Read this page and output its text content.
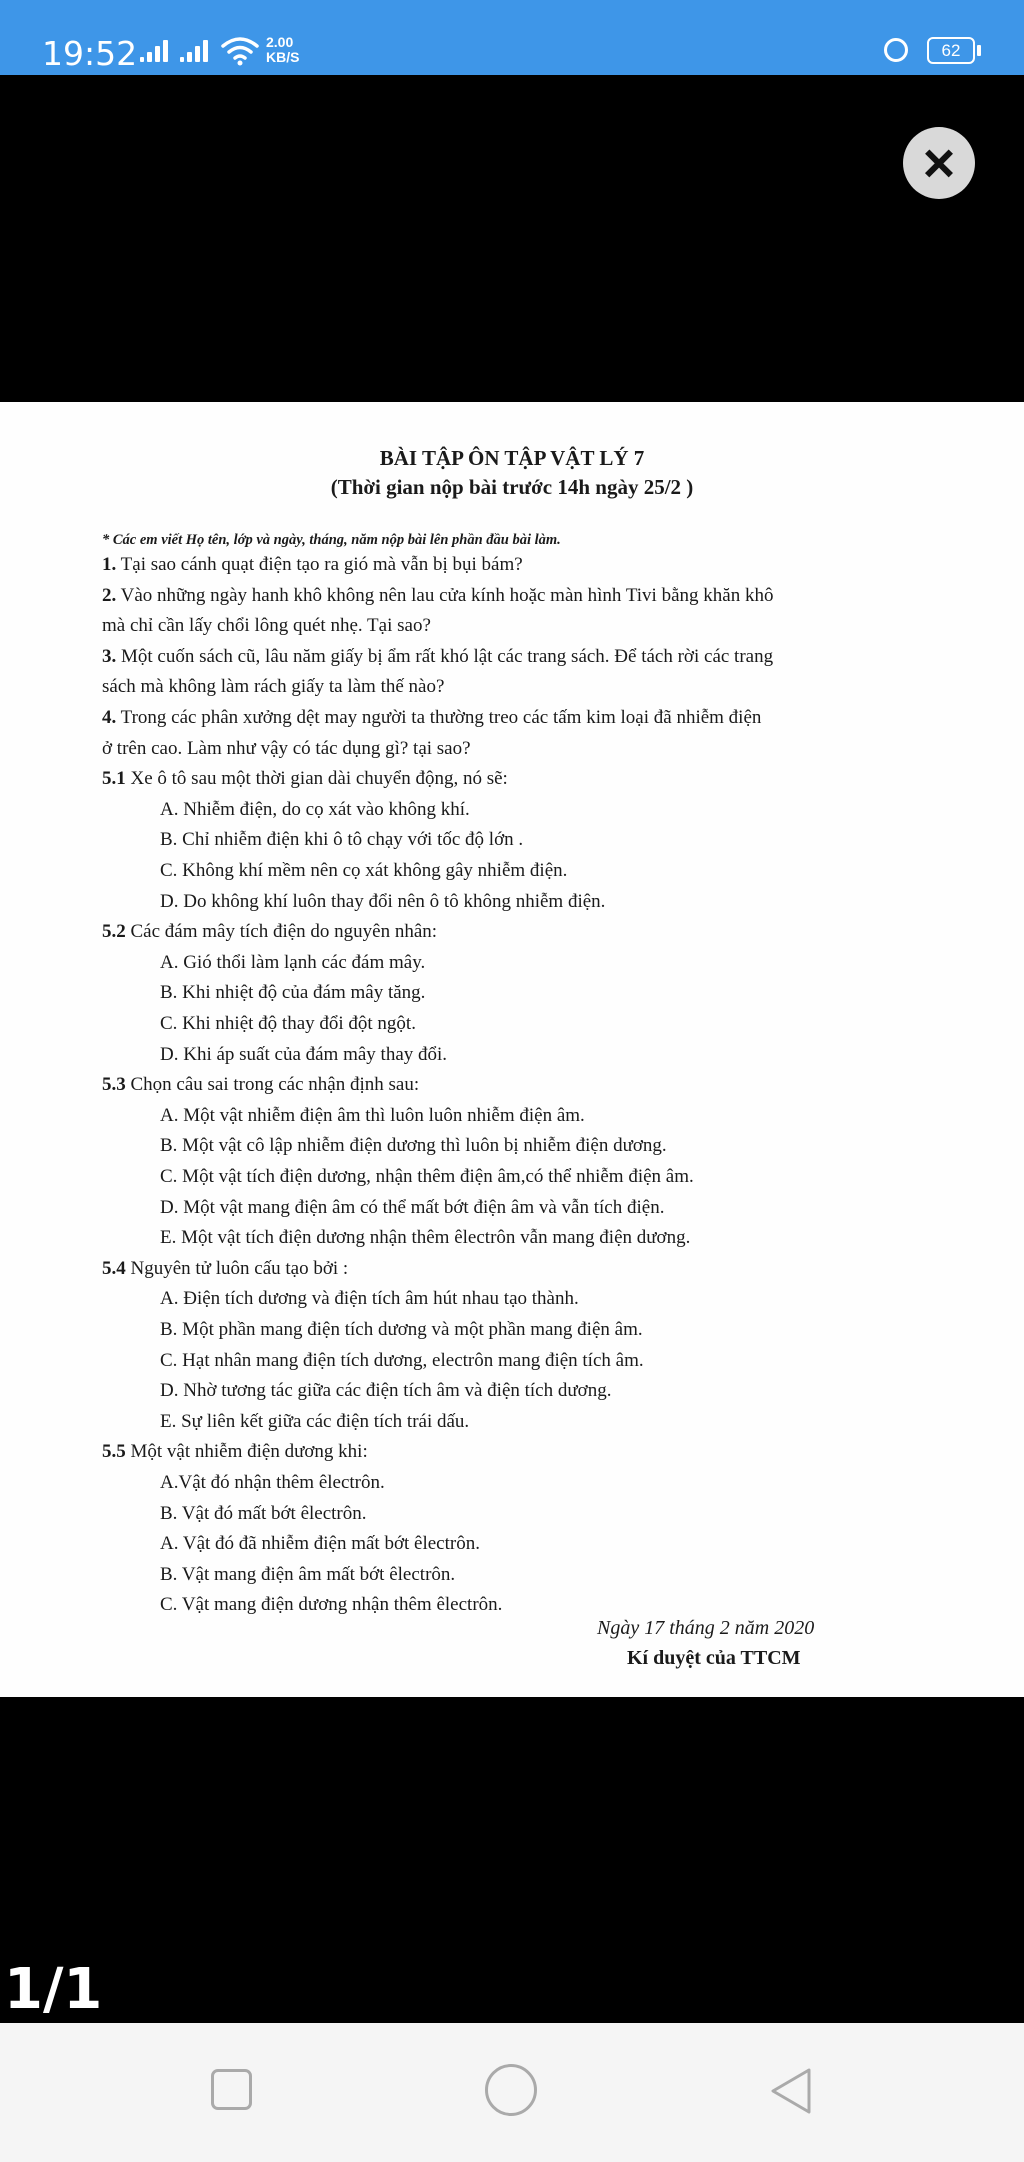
19:52	2.00
KB/S	62
×
BÀI TẬP ÔN TẬP VẬT LÝ 7
(Thời gian nộp bài trước 14h ngày 25/2 )
* Các em viết Họ tên, lớp và ngày, tháng, năm nộp bài lên phần đầu bài làm.
1. Tại sao cánh quạt điện tạo ra gió mà vẫn bị bụi bám?
2. Vào những ngày hanh khô không nên lau cửa kính hoặc màn hình Tivi bằng khăn khô
mà chỉ cần lấy chổi lông quét nhẹ. Tại sao?
3. Một cuốn sách cũ, lâu năm giấy bị ẩm rất khó lật các trang sách. Để tách rời các trang
sách mà không làm rách giấy ta làm thế nào?
4. Trong các phân xưởng dệt may người ta thường treo các tấm kim loại đã nhiễm điện
ở trên cao. Làm như vậy có tác dụng gì? tại sao?
5.1 Xe ô tô sau một thời gian dài chuyển động, nó sẽ:
A. Nhiễm điện, do cọ xát vào không khí.
B. Chỉ nhiễm điện khi ô tô chạy với tốc độ lớn .
C. Không khí mềm nên cọ xát không gây nhiễm điện.
D. Do không khí luôn thay đổi nên ô tô không nhiễm điện.
5.2 Các đám mây tích điện do nguyên nhân:
A. Gió thổi làm lạnh các đám mây.
B. Khi nhiệt độ của đám mây tăng.
C. Khi nhiệt độ thay đổi đột ngột.
D. Khi áp suất của đám mây thay đổi.
5.3 Chọn câu sai trong các nhận định sau:
A. Một vật nhiễm điện âm thì luôn luôn nhiễm điện âm.
B. Một vật cô lập nhiễm điện dương thì luôn bị nhiễm điện dương.
C. Một vật tích điện dương, nhận thêm điện âm,có thể nhiễm điện âm.
D. Một vật mang điện âm có thể mất bớt điện âm và vẫn tích điện.
E. Một vật tích điện dương nhận thêm êlectrôn vẫn mang điện dương.
5.4 Nguyên tử luôn cấu tạo bởi :
A. Điện tích dương và điện tích âm hút nhau tạo thành.
B. Một phần mang điện tích dương và một phần mang điện âm.
C. Hạt nhân mang điện tích dương, electrôn mang điện tích âm.
D. Nhờ tương tác giữa các điện tích âm và điện tích dương.
E. Sự liên kết giữa các điện tích trái dấu.
5.5 Một vật nhiễm điện dương khi:
A.Vật đó nhận thêm êlectrôn.
B. Vật đó mất bớt êlectrôn.
A. Vật đó đã nhiễm điện mất bớt êlectrôn.
B. Vật mang điện âm mất bớt êlectrôn.
C. Vật mang điện dương nhận thêm êlectrôn.
Ngày 17 tháng 2 năm 2020
Kí duyệt của TTCM
1/1
